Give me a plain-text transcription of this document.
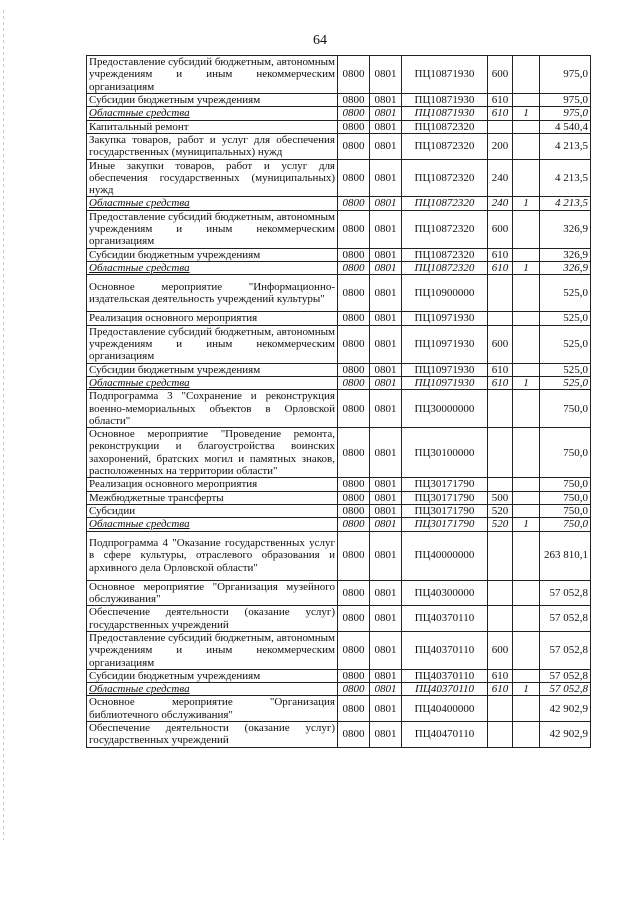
64
Предоставление субсидий бюджетным, автономным учреждениям и иным некоммерческим организациям	0800	0801	ПЦ10871930	600		975,0
Субсидии бюджетным учреждениям	0800	0801	ПЦ10871930	610		975,0
Областные средства	0800	0801	ПЦ10871930	610	1	975,0
Капитальный ремонт	0800	0801	ПЦ10872320			4 540,4
Закупка товаров, работ и услуг для обеспечения государственных (муниципальных) нужд	0800	0801	ПЦ10872320	200		4 213,5
Иные закупки товаров, работ и услуг для обеспечения государственных (муниципальных) нужд	0800	0801	ПЦ10872320	240		4 213,5
Областные средства	0800	0801	ПЦ10872320	240	1	4 213,5
Предоставление субсидий бюджетным, автономным учреждениям и иным некоммерческим организациям	0800	0801	ПЦ10872320	600		326,9
Субсидии бюджетным учреждениям	0800	0801	ПЦ10872320	610		326,9
Областные средства	0800	0801	ПЦ10872320	610	1	326,9
Основное мероприятие "Информационно-издательская деятельность учреждений культуры"	0800	0801	ПЦ10900000			525,0
Реализация основного мероприятия	0800	0801	ПЦ10971930			525,0
Предоставление субсидий бюджетным, автономным учреждениям и иным некоммерческим организациям	0800	0801	ПЦ10971930	600		525,0
Субсидии бюджетным учреждениям	0800	0801	ПЦ10971930	610		525,0
Областные средства	0800	0801	ПЦ10971930	610	1	525,0
Подпрограмма 3 "Сохранение и реконструкция военно-мемориальных объектов в Орловской области"	0800	0801	ПЦ30000000			750,0
Основное мероприятие "Проведение ремонта, реконструкции и благоустройства воинских захоронений, братских могил и памятных знаков, расположенных на территории области"	0800	0801	ПЦ30100000			750,0
Реализация основного мероприятия	0800	0801	ПЦ30171790			750,0
Межбюджетные трансферты	0800	0801	ПЦ30171790	500		750,0
Субсидии	0800	0801	ПЦ30171790	520		750,0
Областные средства	0800	0801	ПЦ30171790	520	1	750,0
Подпрограмма 4 "Оказание государственных услуг в сфере культуры, отраслевого образования и архивного дела Орловской области"	0800	0801	ПЦ40000000			263 810,1
Основное мероприятие "Организация музейного обслуживания"	0800	0801	ПЦ40300000			57 052,8
Обеспечение деятельности (оказание услуг) государственных учреждений	0800	0801	ПЦ40370110			57 052,8
Предоставление субсидий бюджетным, автономным учреждениям и иным некоммерческим организациям	0800	0801	ПЦ40370110	600		57 052,8
Субсидии бюджетным учреждениям	0800	0801	ПЦ40370110	610		57 052,8
Областные средства	0800	0801	ПЦ40370110	610	1	57 052,8
Основное мероприятие "Организация библиотечного обслуживания"	0800	0801	ПЦ40400000			42 902,9
Обеспечение деятельности (оказание услуг) государственных учреждений	0800	0801	ПЦ40470110			42 902,9
